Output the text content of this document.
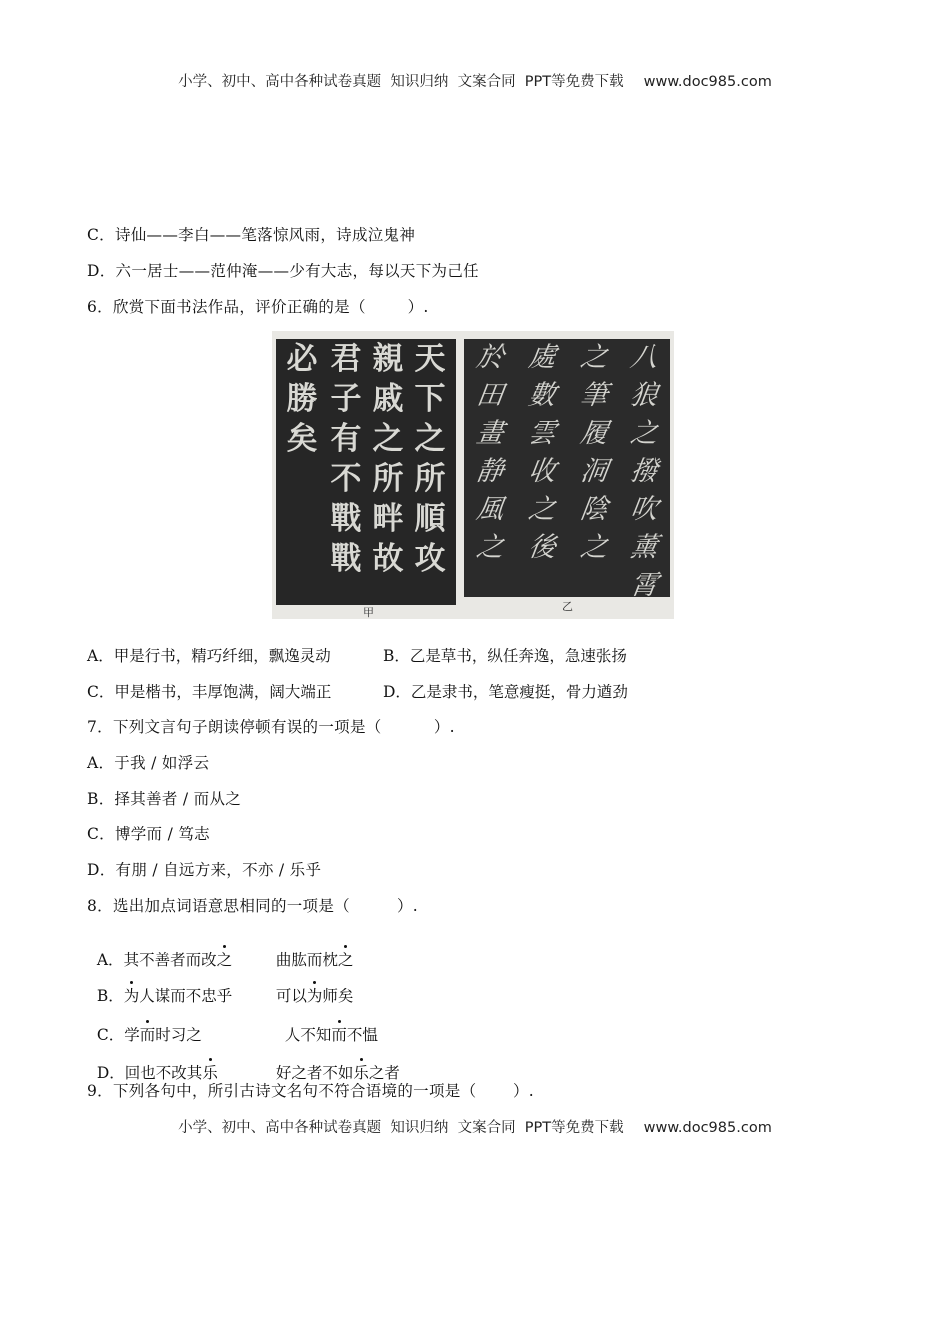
小学、初中、高中各种试卷真题  知识归纳  文案合同  PPT等免费下载 www.doc985.com
C．诗仙——李白——笔落惊风雨，诗成泣鬼神
D．六一居士——范仲淹——少有大志，每以天下为己任
6．欣赏下面书法作品，评价正确的是（        ）.
天
下
之
所
順
攻
親
戚
之
所
畔
故
君
子
有
不
戰
戰
必
勝
矣
八
狼
之
撥
吹
薰
霄
之
筆
履
洞
陰
之
處
數
雲
收
之
後
於
田
畫
静
風
之
甲	乙
A．甲是行书，精巧纤细，飘逸灵动	B．乙是草书，纵任奔逸，急速张扬
C．甲是楷书，丰厚饱满，阔大端正	D．乙是隶书，笔意瘦挺，骨力遒劲
7．下列文言句子朗读停顿有误的一项是（          ）.
A．于我 / 如浮云
B．择其善者 / 而从之
C．博学而 / 笃志
D．有朋 / 自远方来，不亦 / 乐乎
8．选出加点词语意思相同的一项是（         ）.

A．其不善者而改之	曲肱而枕之

B．为人谋而不忠乎	可以为师矣

C．学而时习之	人不知而不愠

D．回也不改其乐	好之者不如乐之者

9．下列各句中，所引古诗文名句不符合语境的一项是（       ）.
小学、初中、高中各种试卷真题  知识归纳  文案合同  PPT等免费下载 www.doc985.com
